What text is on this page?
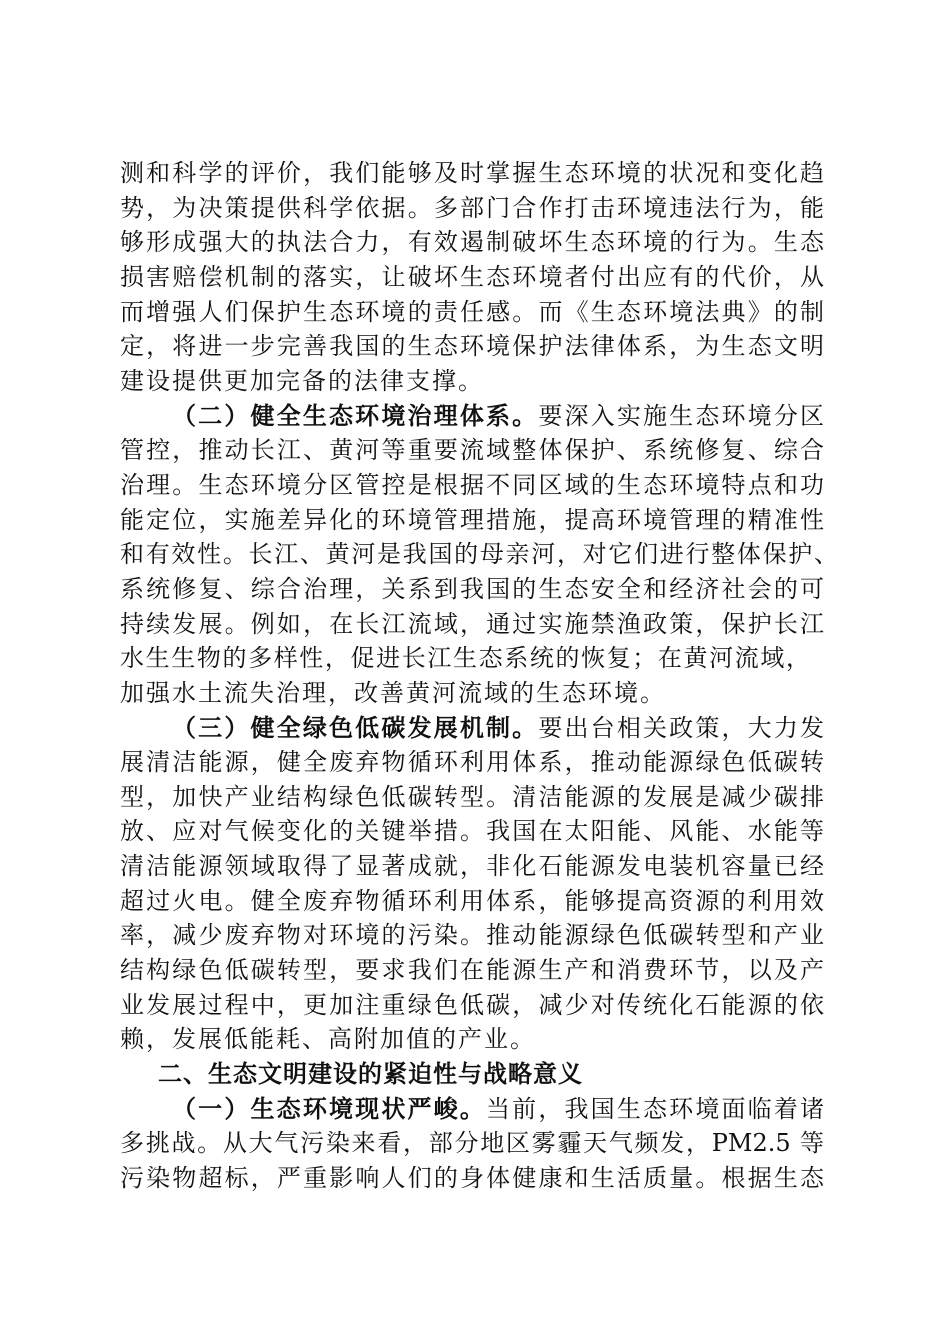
测和科学的评价，我们能够及时掌握生态环境的状况和变化趋
势，为决策提供科学依据。多部门合作打击环境违法行为，能
够形成强大的执法合力，有效遏制破坏生态环境的行为。生态
损害赔偿机制的落实，让破坏生态环境者付出应有的代价，从
而增强人们保护生态环境的责任感。而《生态环境法典》的制
定，将进一步完善我国的生态环境保护法律体系，为生态文明
建设提供更加完备的法律支撑。
（二）健全生态环境治理体系。要深入实施生态环境分区
管控，推动长江、黄河等重要流域整体保护、系统修复、综合
治理。生态环境分区管控是根据不同区域的生态环境特点和功
能定位，实施差异化的环境管理措施，提高环境管理的精准性
和有效性。长江、黄河是我国的母亲河，对它们进行整体保护、
系统修复、综合治理，关系到我国的生态安全和经济社会的可
持续发展。例如，在长江流域，通过实施禁渔政策，保护长江
水生生物的多样性，促进长江生态系统的恢复；在黄河流域，
加强水土流失治理，改善黄河流域的生态环境。
（三）健全绿色低碳发展机制。要出台相关政策，大力发
展清洁能源，健全废弃物循环利用体系，推动能源绿色低碳转
型，加快产业结构绿色低碳转型。清洁能源的发展是减少碳排
放、应对气候变化的关键举措。我国在太阳能、风能、水能等
清洁能源领域取得了显著成就，非化石能源发电装机容量已经
超过火电。健全废弃物循环利用体系，能够提高资源的利用效
率，减少废弃物对环境的污染。推动能源绿色低碳转型和产业
结构绿色低碳转型，要求我们在能源生产和消费环节，以及产
业发展过程中，更加注重绿色低碳，减少对传统化石能源的依
赖，发展低能耗、高附加值的产业。
二、生态文明建设的紧迫性与战略意义
（一）生态环境现状严峻。当前，我国生态环境面临着诸
多挑战。从大气污染来看，部分地区雾霾天气频发，PM2.5 等
污染物超标，严重影响人们的身体健康和生活质量。根据生态
